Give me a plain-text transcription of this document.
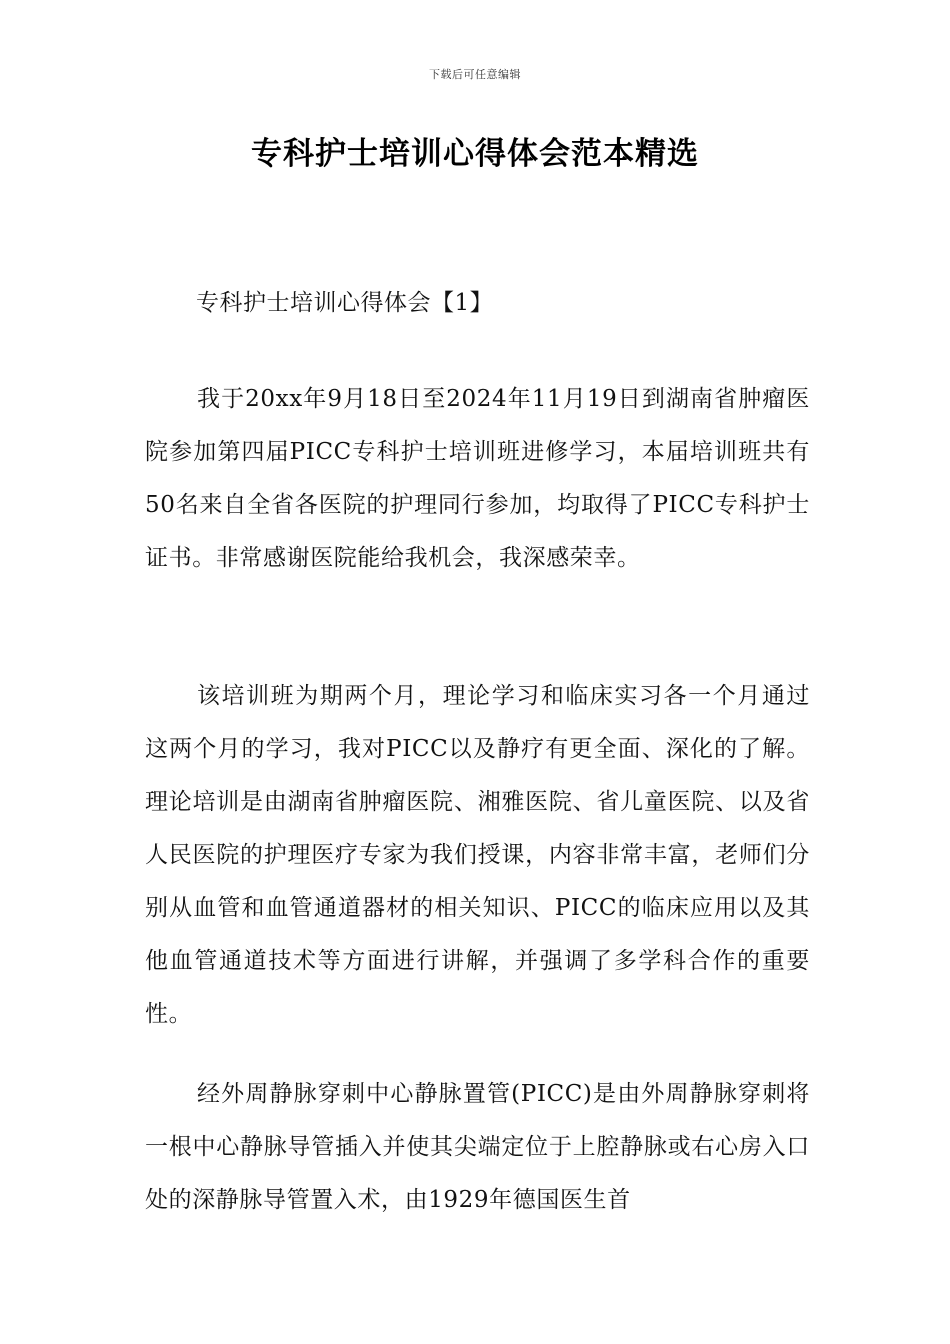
下载后可任意编辑
专科护士培训心得体会范本精选
专科护士培训心得体会【1】

我于20xx年9月18日至2024年11月19日到湖南省肿瘤医院参加第四届PICC专科护士培训班进修学习，本届培训班共有50名来自全省各医院的护理同行参加，均取得了PICC专科护士证书。非常感谢医院能给我机会，我深感荣幸。

该培训班为期两个月，理论学习和临床实习各一个月通过这两个月的学习，我对PICC以及静疗有更全面、深化的了解。理论培训是由湖南省肿瘤医院、湘雅医院、省儿童医院、以及省人民医院的护理医疗专家为我们授课，内容非常丰富，老师们分别从血管和血管通道器材的相关知识、PICC的临床应用以及其他血管通道技术等方面进行讲解，并强调了多学科合作的重要性。

经外周静脉穿刺中心静脉置管(PICC)是由外周静脉穿刺将一根中心静脉导管插入并使其尖端定位于上腔静脉或右心房入口处的深静脉导管置入术，由1929年德国医生首
